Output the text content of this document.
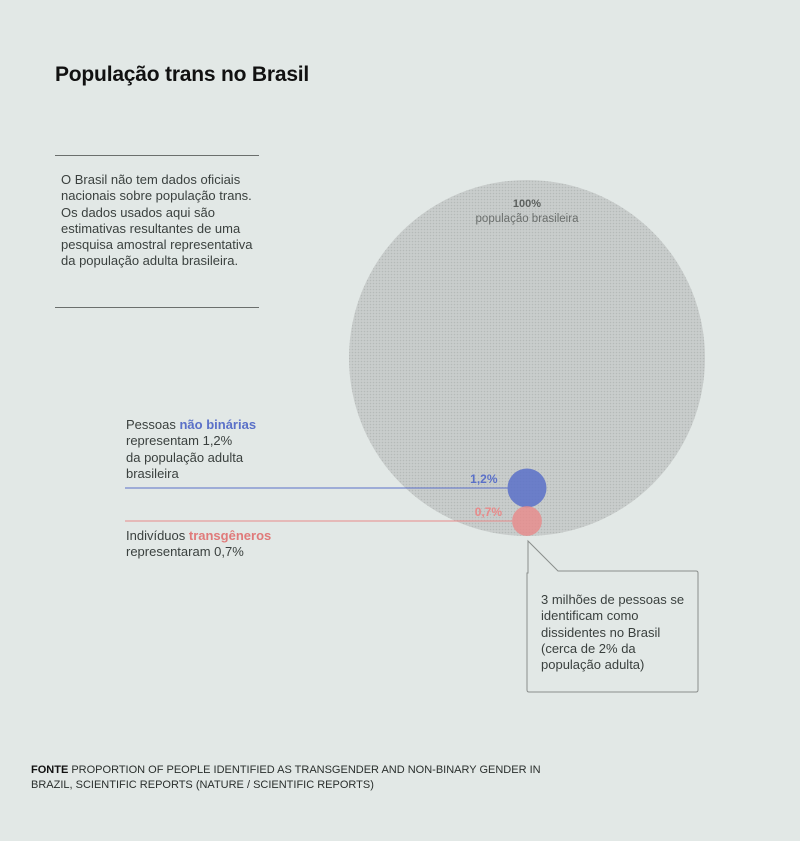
População trans no Brasil

O Brasil não tem dados oficiais nacionais sobre população trans. Os dados usados aqui são estimativas resultantes de uma pesquisa amostral representativa da população adulta brasileira.

100%
população brasileira
1,2%
0,7%

Pessoas não binárias
representam 1,2%
da população adulta
brasileira

Indivíduos transgêneros
representaram 0,7%

3 milhões de pessoas se identificam como dissidentes no Brasil (cerca de 2% da população adulta)

FONTE PROPORTION OF PEOPLE IDENTIFIED AS TRANSGENDER AND NON-BINARY GENDER IN BRAZIL, SCIENTIFIC REPORTS (NATURE / SCIENTIFIC REPORTS)
